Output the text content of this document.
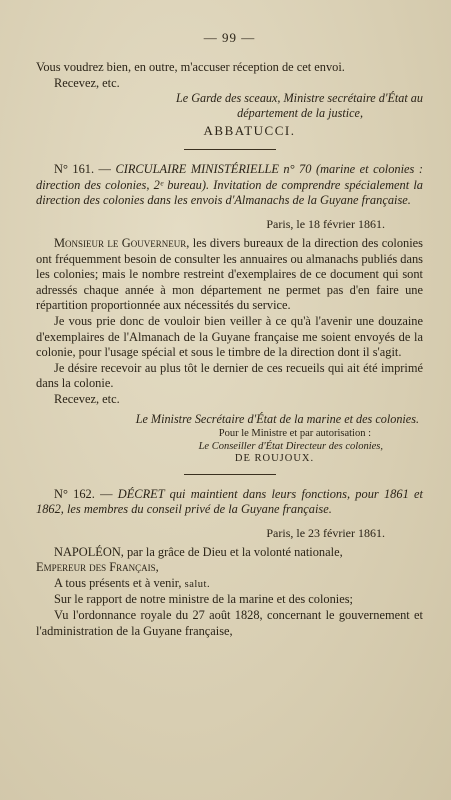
— 99 —

Vous voudrez bien, en outre, m'accuser réception de cet envoi.

Recevez, etc.

Le Garde des sceaux, Ministre secrétaire d'État au

département de la justice,

ABBATUCCI.

N° 161. — CIRCULAIRE MINISTÉRIELLE n° 70 (marine et colonies : direction des colonies, 2ᵉ bureau). Invitation de comprendre spécialement la direction des colonies dans les envois d'Almanachs de la Guyane française.

Paris, le 18 février 1861.

Monsieur le Gouverneur, les divers bureaux de la direction des colonies ont fréquemment besoin de consulter les annuaires ou almanachs publiés dans les colonies; mais le nombre restreint d'exemplaires de ce document qui sont adressés chaque année à mon département ne permet pas d'en faire une répartition proportionnée aux nécessités du service.

Je vous prie donc de vouloir bien veiller à ce qu'à l'avenir une douzaine d'exemplaires de l'Almanach de la Guyane française me soient envoyés de la colonie, pour l'usage spécial et sous le timbre de la direction dont il s'agit.

Je désire recevoir au plus tôt le dernier de ces recueils qui ait été imprimé dans la colonie.

Recevez, etc.

Le Ministre Secrétaire d'État de la marine et des colonies.

Pour le Ministre et par autorisation :

Le Conseiller d'État Directeur des colonies,

DE ROUJOUX.

N° 162. — DÉCRET qui maintient dans leurs fonctions, pour 1861 et 1862, les membres du conseil privé de la Guyane française.

Paris, le 23 février 1861.

NAPOLÉON, par la grâce de Dieu et la volonté nationale,

Empereur des Français,

A tous présents et à venir, salut.

Sur le rapport de notre ministre de la marine et des colonies;

Vu l'ordonnance royale du 27 août 1828, concernant le gouvernement et l'administration de la Guyane française,
